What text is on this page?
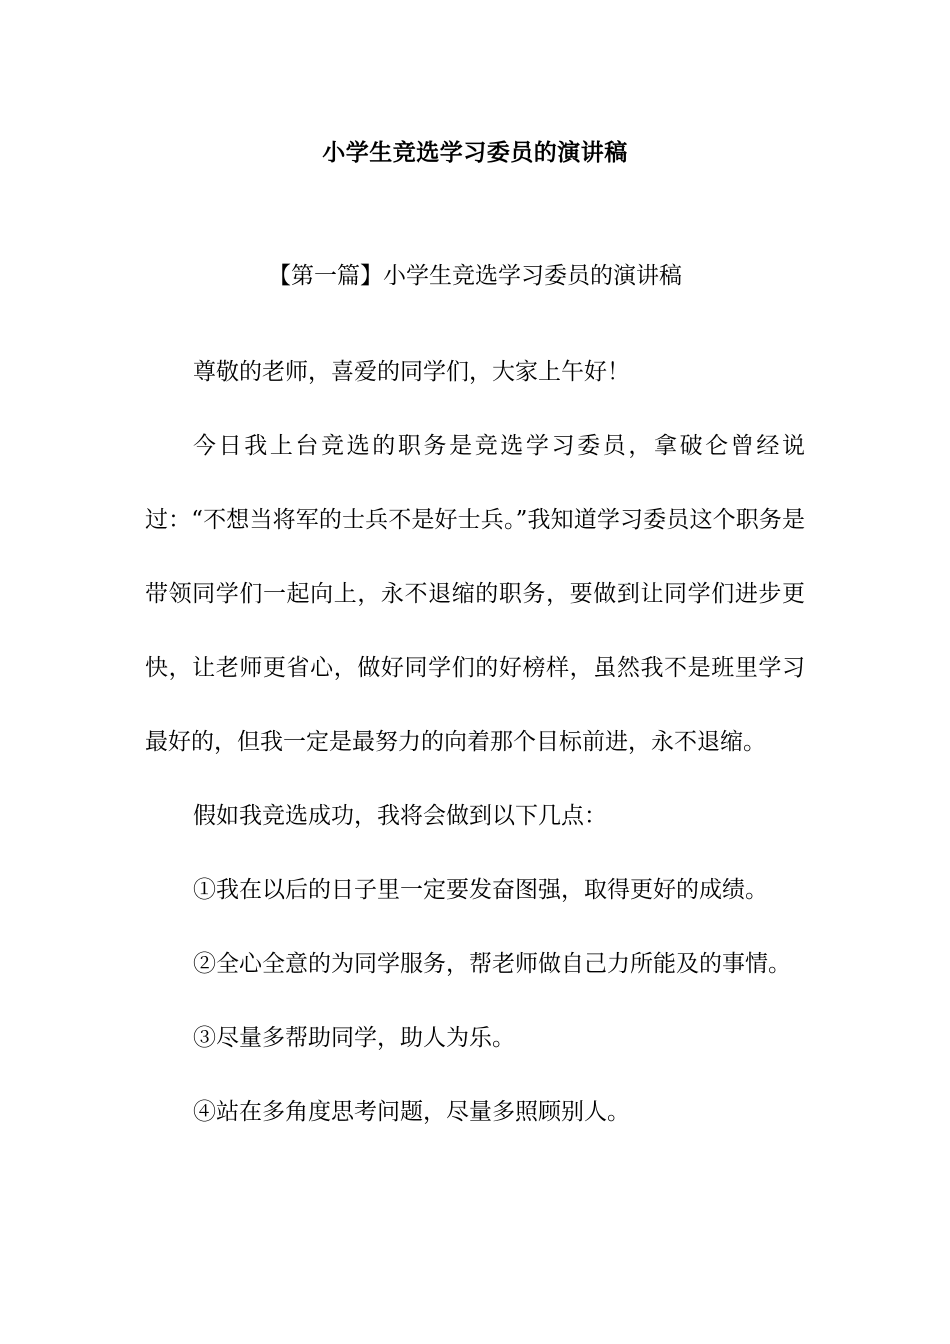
小学生竞选学习委员的演讲稿
【第一篇】小学生竞选学习委员的演讲稿

尊敬的老师，喜爱的同学们，大家上午好！

今日我上台竞选的职务是竞选学习委员，拿破仑曾经说过：“不想当将军的士兵不是好士兵。”我知道学习委员这个职务是带领同学们一起向上，永不退缩的职务，要做到让同学们进步更快，让老师更省心，做好同学们的好榜样，虽然我不是班里学习最好的，但我一定是最努力的向着那个目标前进，永不退缩。

假如我竞选成功，我将会做到以下几点：

①我在以后的日子里一定要发奋图强，取得更好的成绩。

②全心全意的为同学服务，帮老师做自己力所能及的事情。

③尽量多帮助同学，助人为乐。

④站在多角度思考问题，尽量多照顾别人。
